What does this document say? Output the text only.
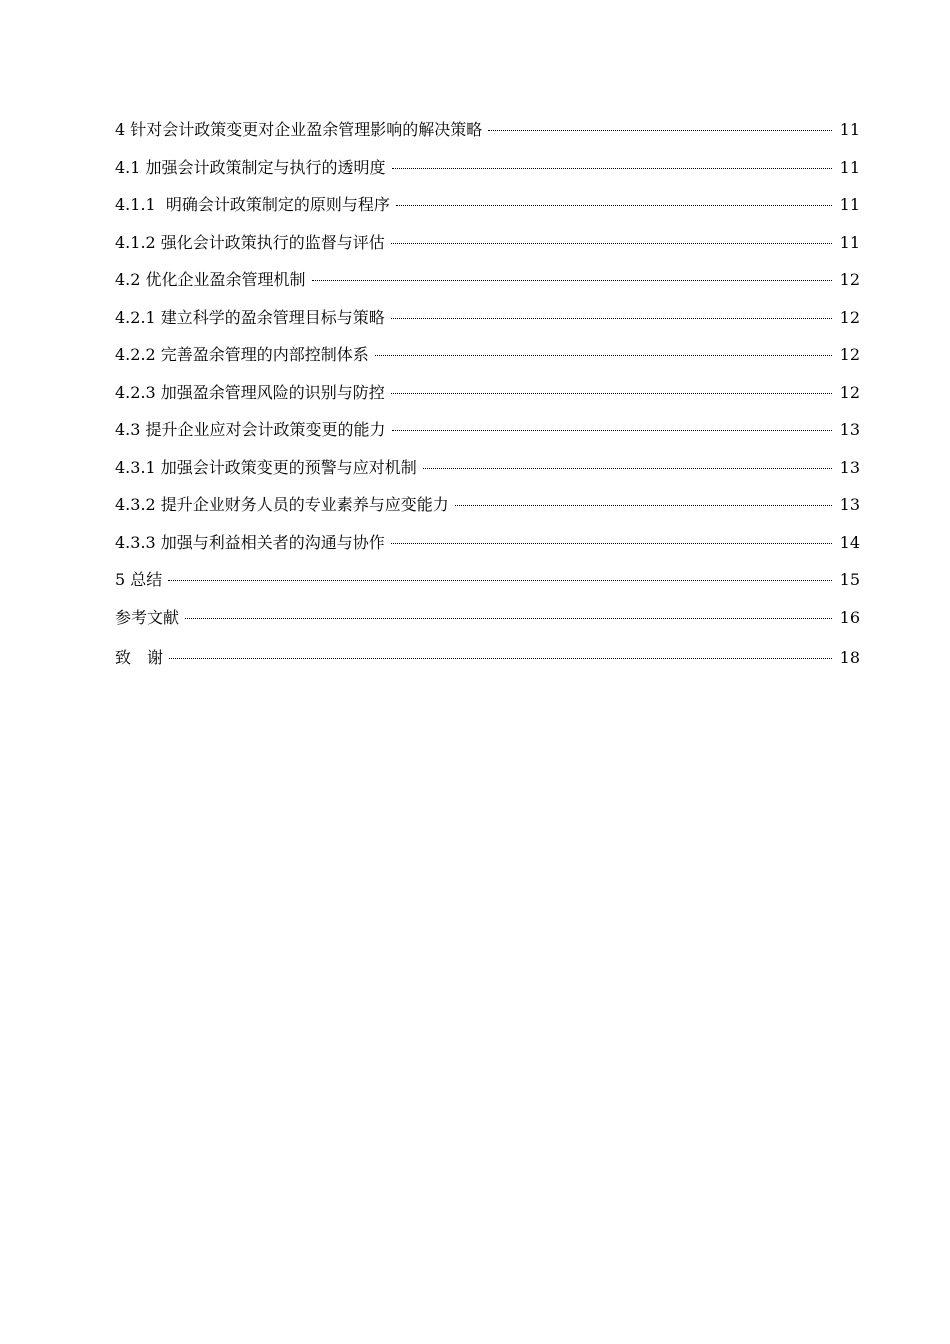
4 针对会计政策变更对企业盈余管理影响的解决策略	11
4.1 加强会计政策制定与执行的透明度	11
4.1.1  明确会计政策制定的原则与程序	11
4.1.2 强化会计政策执行的监督与评估	11
4.2 优化企业盈余管理机制	12
4.2.1 建立科学的盈余管理目标与策略	12
4.2.2 完善盈余管理的内部控制体系	12
4.2.3 加强盈余管理风险的识别与防控	12
4.3 提升企业应对会计政策变更的能力	13
4.3.1 加强会计政策变更的预警与应对机制	13
4.3.2 提升企业财务人员的专业素养与应变能力	13
4.3.3 加强与利益相关者的沟通与协作	14
5 总结	15
参考文献	16
致　谢	18
